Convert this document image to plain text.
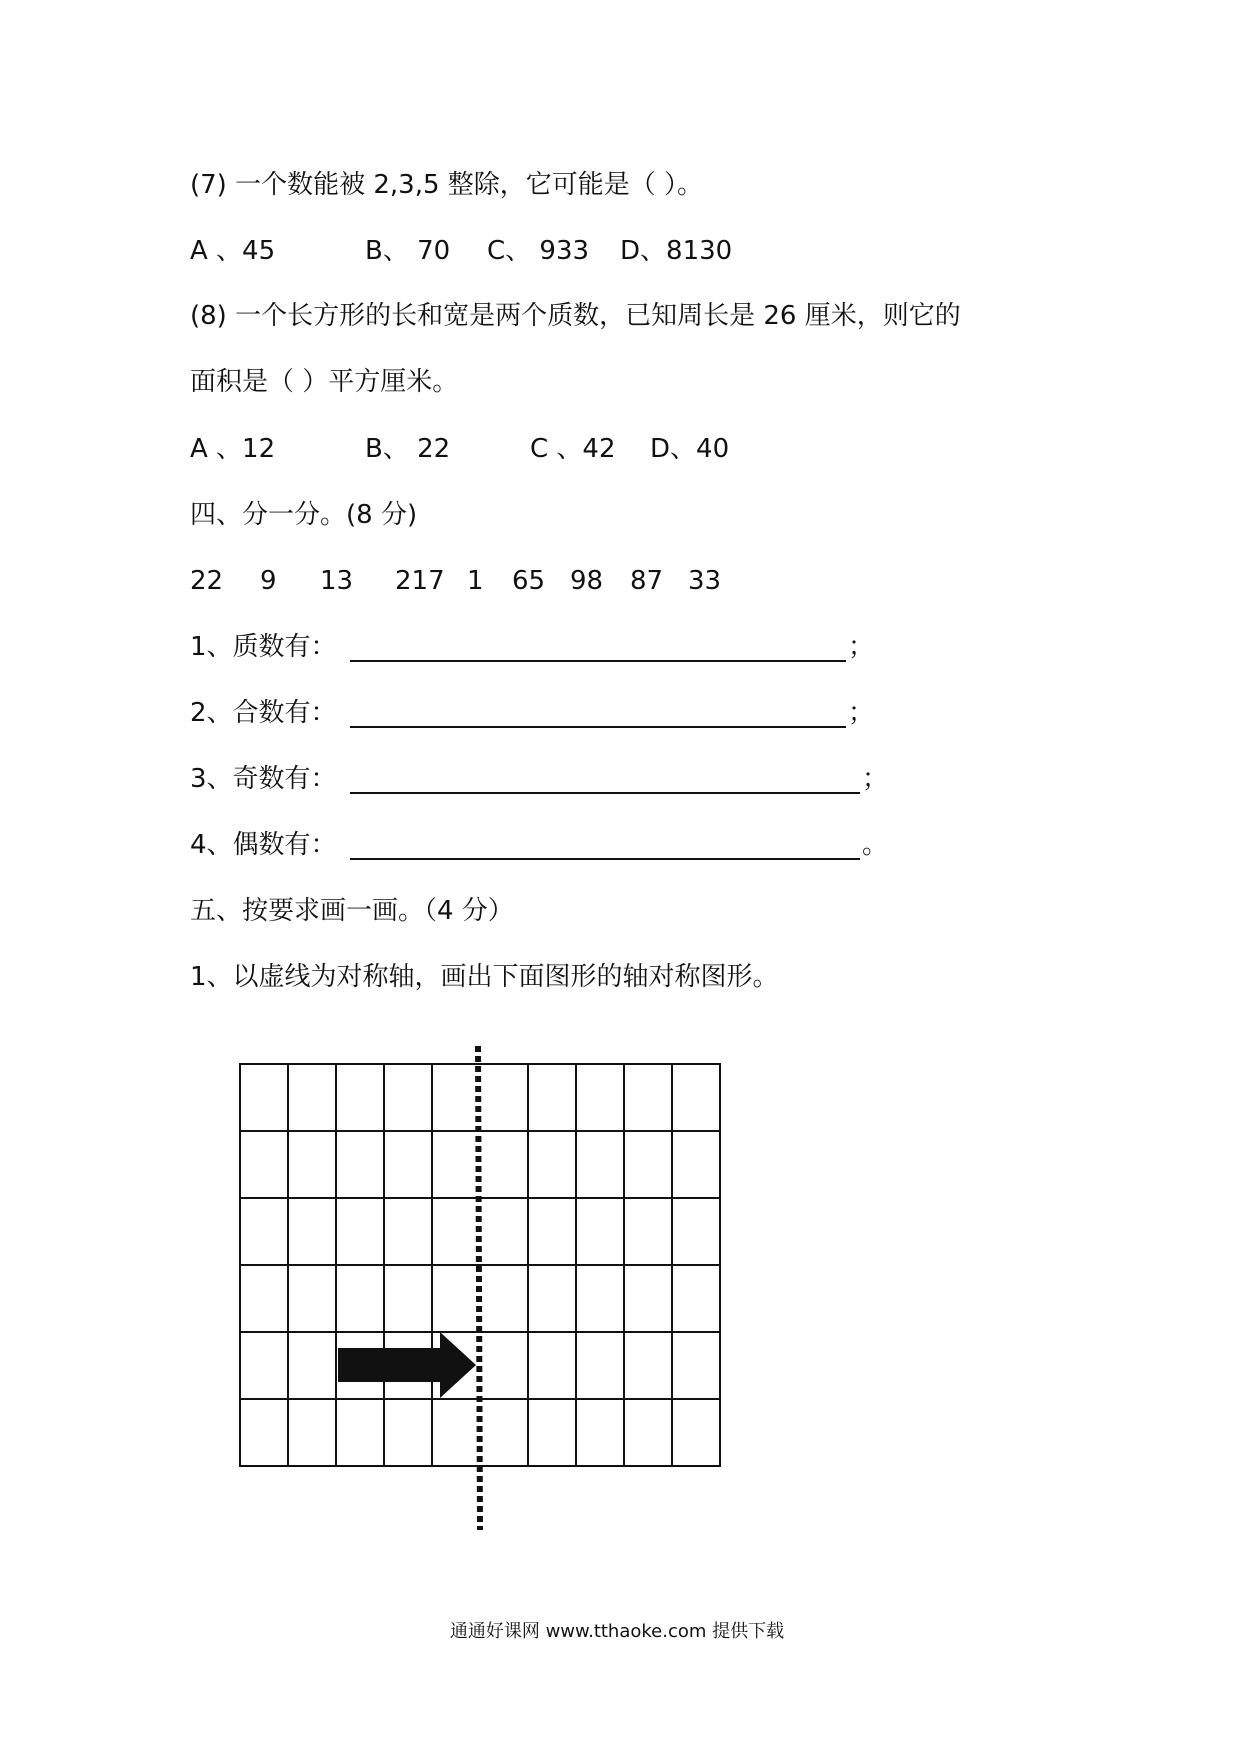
(7) 一个数能被 2,3,5 整除，它可能是（ ）。
A 、45	B、 70 C、 933 D、8130
(8) 一个长方形的长和宽是两个质数，已知周长是 26 厘米，则它的
面积是（ ）平方厘米。
A 、12	B、 22	C 、42 D、40
四、分一分。(8 分)
22 9 13 217 1 65 98 87 33
1、质数有：	；
2、合数有：	；
3、奇数有：	；
4、偶数有：	。
五、按要求画一画。（4 分）
1、以虚线为对称轴，画出下面图形的轴对称图形。
通通好课网 www.tthaoke.com 提供下载
